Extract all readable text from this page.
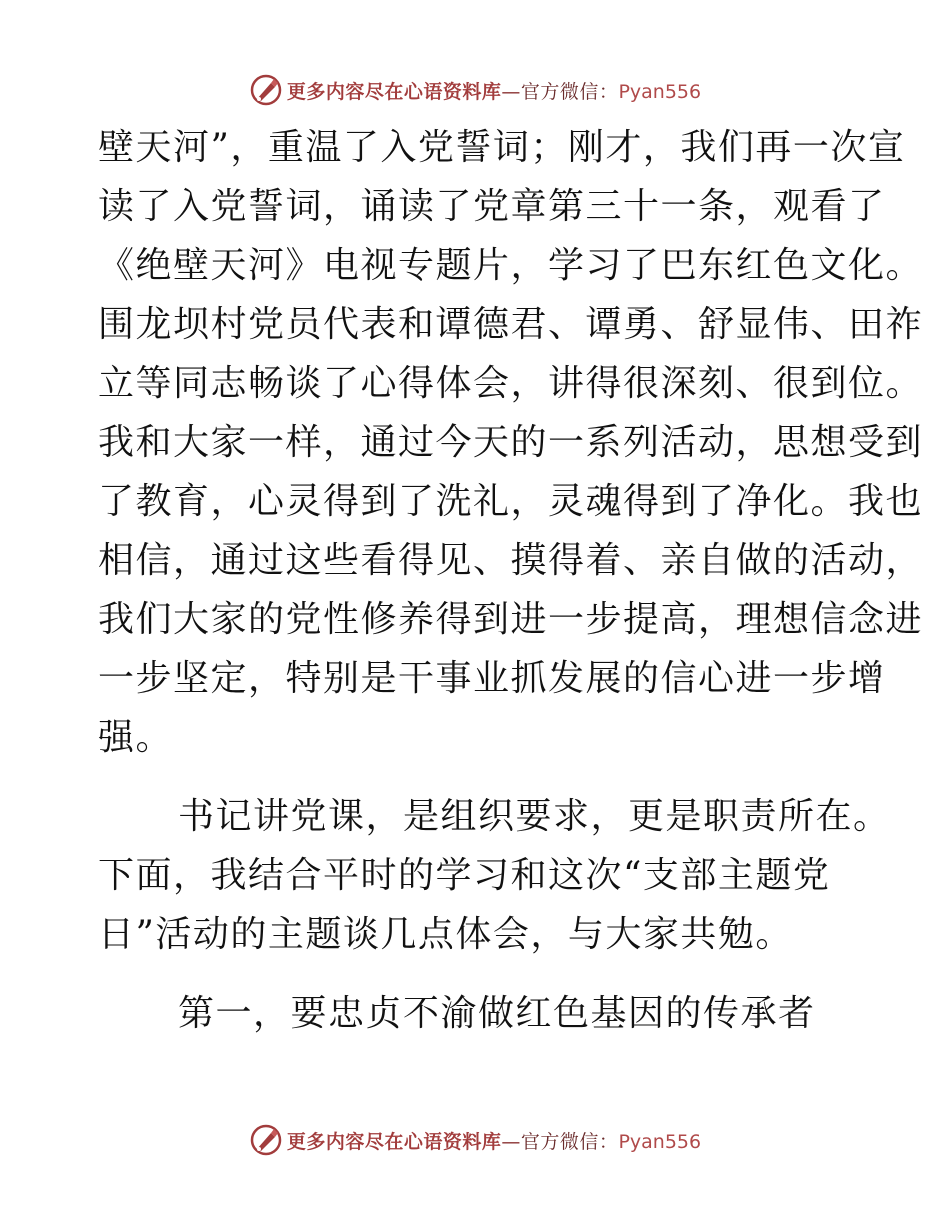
更多内容尽在心语资料库—官方微信：Pyan556
壁天河”，重温了入党誓词；刚才，我们再一次宣
读了入党誓词，诵读了党章第三十一条，观看了
《绝壁天河》电视专题片，学习了巴东红色文化。
围龙坝村党员代表和谭德君、谭勇、舒显伟、田祚
立等同志畅谈了心得体会，讲得很深刻、很到位。
我和大家一样，通过今天的一系列活动，思想受到
了教育，心灵得到了洗礼，灵魂得到了净化。我也
相信，通过这些看得见、摸得着、亲自做的活动，
我们大家的党性修养得到进一步提高，理想信念进
一步坚定，特别是干事业抓发展的信心进一步增
强。
书记讲党课，是组织要求，更是职责所在。
下面，我结合平时的学习和这次“支部主题党
日”活动的主题谈几点体会，与大家共勉。
第一，要忠贞不渝做红色基因的传承者
更多内容尽在心语资料库—官方微信：Pyan556
